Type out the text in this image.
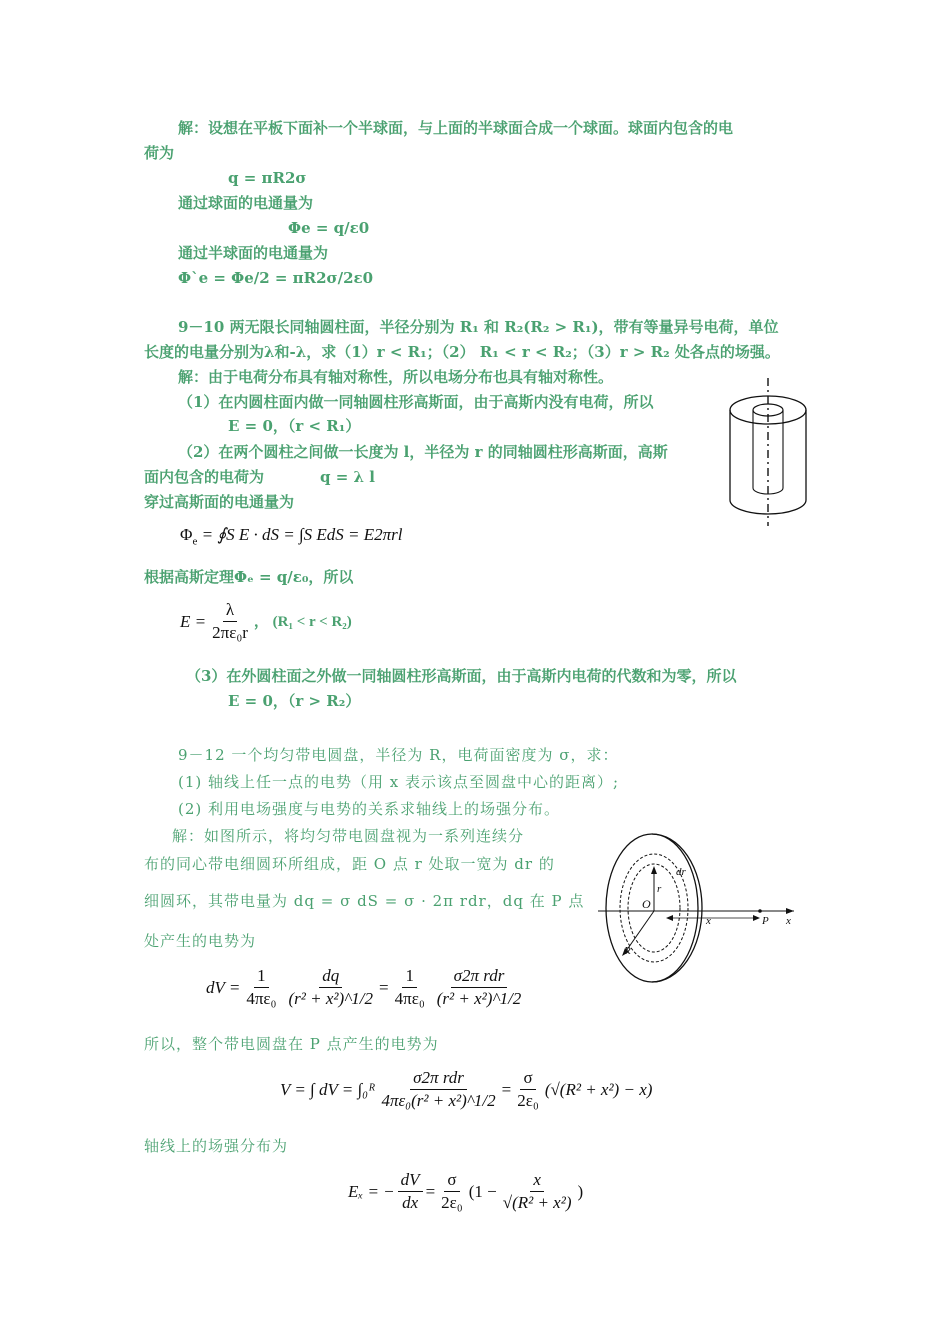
解：设想在平板下面补一个半球面，与上面的半球面合成一个球面。球面内包含的电
荷为
q = πR2σ
通过球面的电通量为
Φe = q/ε0
通过半球面的电通量为
Φ`e = Φe/2 = πR2σ/2ε0
9－10 两无限长同轴圆柱面，半径分别为 R₁ 和 R₂(R₂ > R₁)，带有等量异号电荷，单位
长度的电量分别为λ和-λ，求（1）r < R₁；（2） R₁ < r < R₂；（3）r > R₂ 处各点的场强。
解：由于电荷分布具有轴对称性，所以电场分布也具有轴对称性。
（1）在内圆柱面内做一同轴圆柱形高斯面，由于高斯内没有电荷，所以
E = 0，（r < R₁）
（2）在两个圆柱之间做一长度为 l，半径为 r 的同轴圆柱形高斯面，高斯
面内包含的电荷为	q = λ l
穿过高斯面的电通量为
$\Phi_e$ = ∮S E · dS = ∫S EdS = E2πrl
根据高斯定理Φₑ = q/ε₀，所以
$E = \frac{\lambda}{\text{2πε₀r}}$ ， (R₁ < r < R₂)
（3）在外圆柱面之外做一同轴圆柱形高斯面，由于高斯内电荷的代数和为零，所以
E = 0，（r > R₂）
9－12 一个均匀带电圆盘，半径为 R，电荷面密度为 σ，求：
(1) 轴线上任一点的电势（用 x 表示该点至圆盘中心的距离）;
(2) 利用电场强度与电势的关系求轴线上的场强分布。
解：如图所示，将均匀带电圆盘视为一系列连续分
布的同心带电细圆环所组成，距 O 点 r 处取一宽为 dr 的
细圆环，其带电量为 dq = σ dS = σ · 2π rdr，dq 在 P 点
处产生的电势为
dV = $\frac{1}{\text{4πε₀}} \frac{dq}{\text{(r² + x²)\textasciicircum{}1/2}} = \frac{1}{\text{4πε₀}} \frac{\text{σ2π rdr}}{\text{(r² + x²)\textasciicircum{}1/2}}$
所以，整个带电圆盘在 P 点产生的电势为
V = ∫ dV = ∫₀ᴿ $\frac{\text{σ2π rdr}}{\text{4πε₀(r² + x²)\textasciicircum{}1/2}} = \frac{\sigma}{\text{2ε₀}} (√(R^2 + x^2) - x)$
轴线上的场强分布为
Eₓ = − $\frac{dV}{dx} = \frac{\sigma}{\text{2ε₀}} (1 - \frac{x}{\text{√(R² + x²)}}$ )
dr
r
O
x	P x
R
